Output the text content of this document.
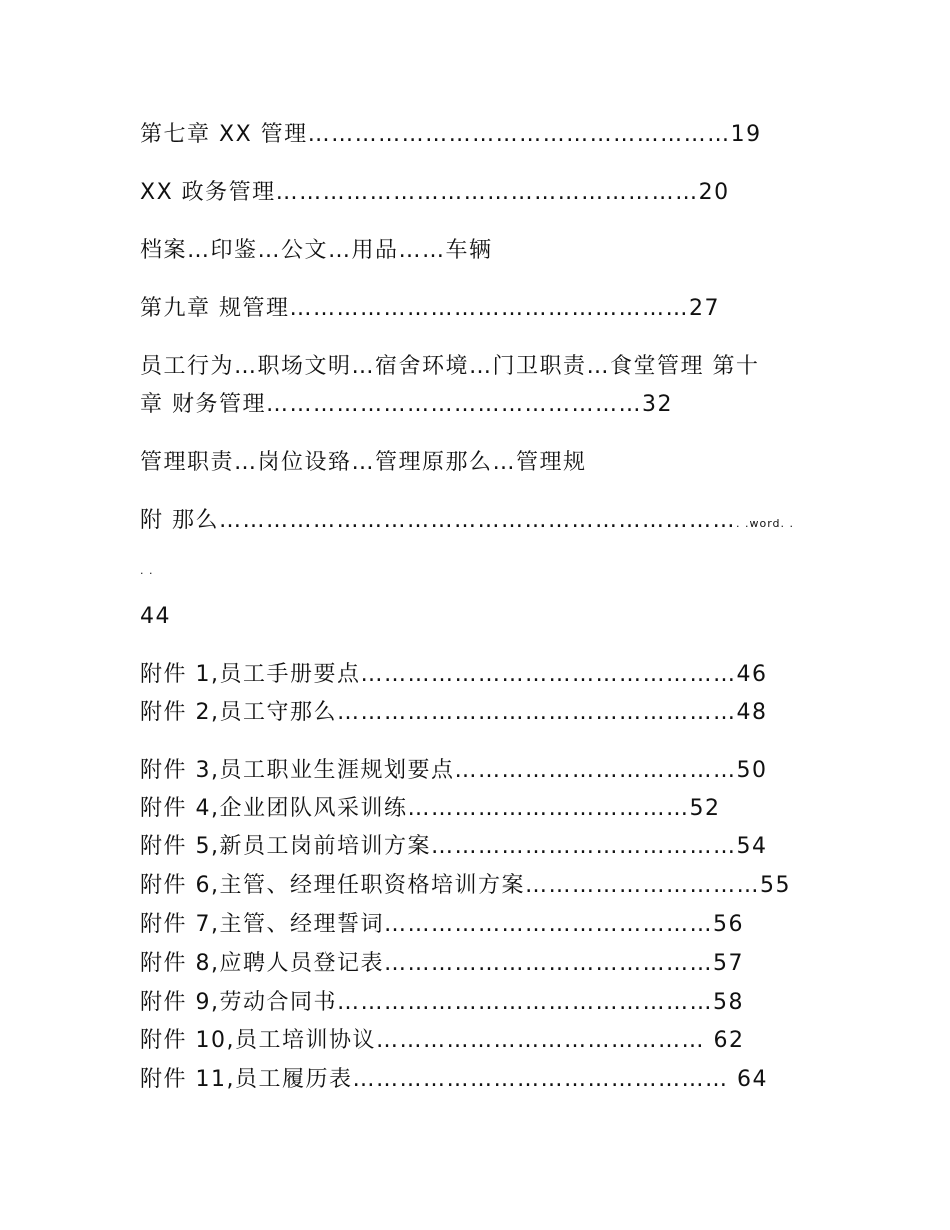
第七章 XX 管理………………………………………………19
XX 政务管理………………………………………………20
档案…印鉴…公文…用品……车辆
第九章 规管理……………………………………………27
员工行为…职场文明…宿舍环境…门卫职责…食堂管理 第十
章 财务管理…………………………………………32
管理职责…岗位设臵…管理原那么…管理规
附 那么…………………………………………………………. .word. .
. .
44
附件 1,员工手册要点…………………………………………46
附件 2,员工守那么……………………………………………48
附件 3,员工职业生涯规划要点………………………………50
附件 4,企业团队风采训练………………………………52
附件 5,新员工岗前培训方案…………………………………54
附件 6,主管、经理任职资格培训方案…………………………55
附件 7,主管、经理誓词……………………………………56
附件 8,应聘人员登记表……………………………………57
附件 9,劳动合同书…………………………………………58
附件 10,员工培训协议…………………………………… 62
附件 11,员工履历表………………………………………… 64
